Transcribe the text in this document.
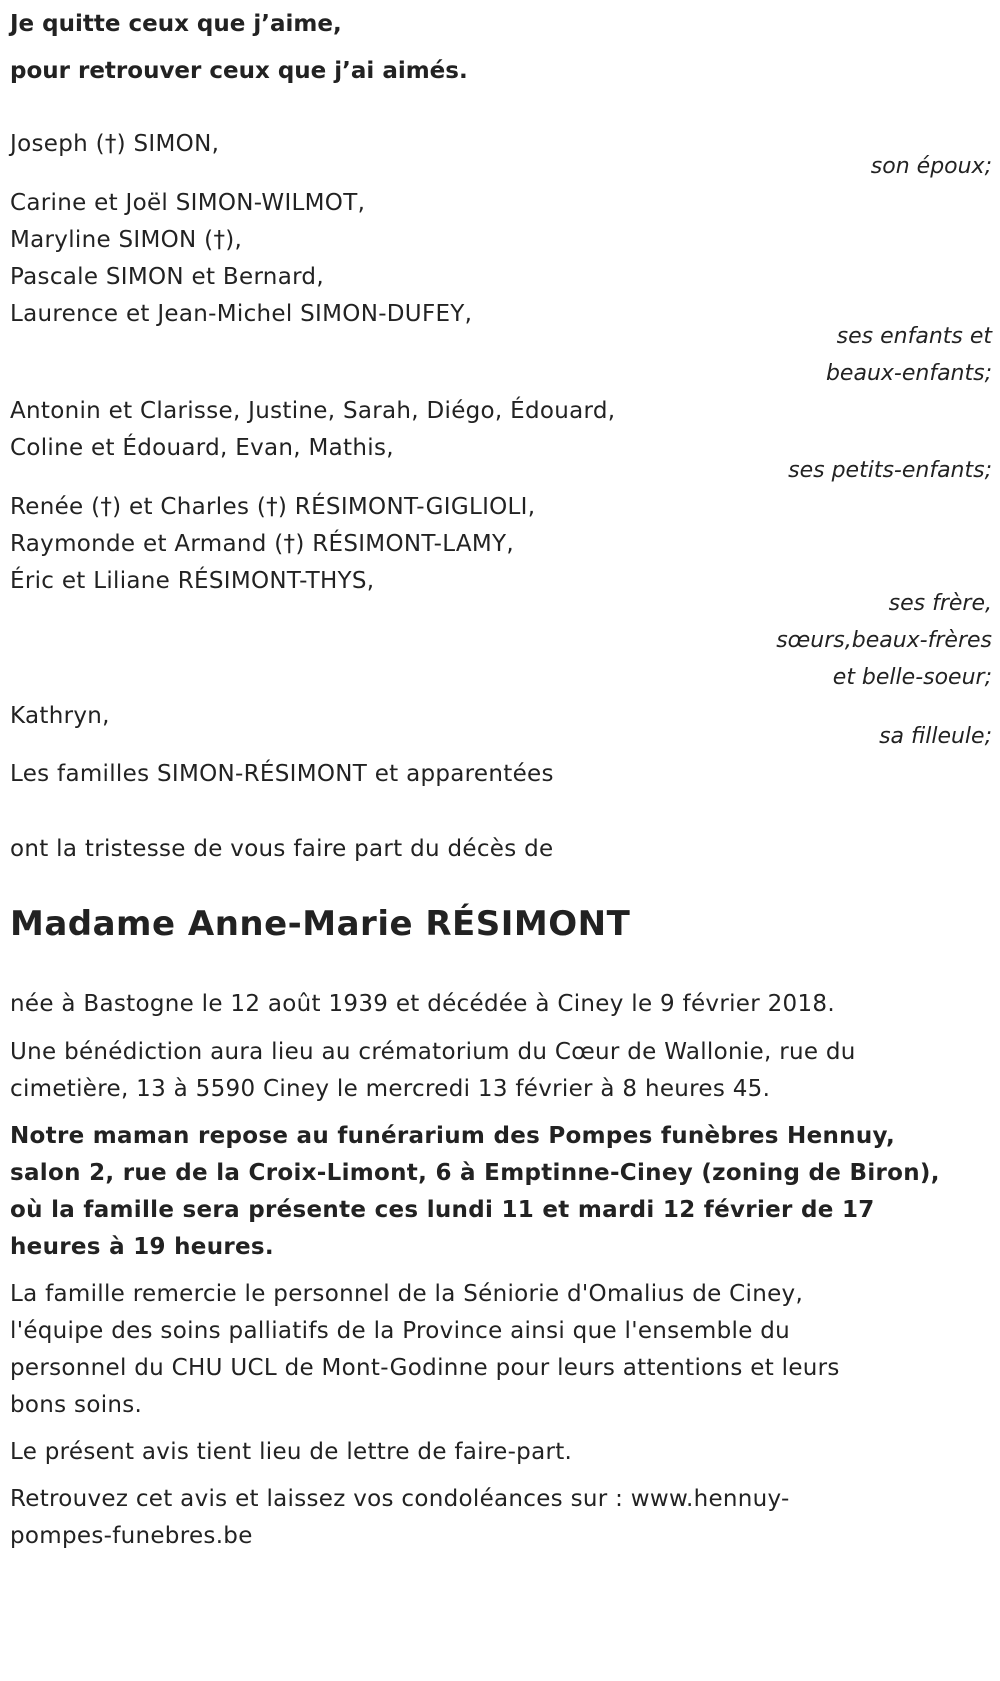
Je quitte ceux que j’aime,
pour retrouver ceux que j’ai aimés.
Joseph (†) SIMON,
son époux;
Carine et Joël SIMON-WILMOT,
Maryline SIMON (†),
Pascale SIMON et Bernard,
Laurence et Jean-Michel SIMON-DUFEY,
ses enfants et
beaux-enfants;
Antonin et Clarisse, Justine, Sarah, Diégo, Édouard,
Coline et Édouard, Evan, Mathis,
ses petits-enfants;
Renée (†) et Charles (†) RÉSIMONT-GIGLIOLI,
Raymonde et Armand (†) RÉSIMONT-LAMY,
Éric et Liliane RÉSIMONT-THYS,
ses frère,
sœurs,beaux-frères
et belle-soeur;
Kathryn,
sa filleule;
Les familles SIMON-RÉSIMONT et apparentées
ont la tristesse de vous faire part du décès de
Madame Anne-Marie RÉSIMONT
née à Bastogne le 12 août 1939 et décédée à Ciney le 9 février 2018.
Une bénédiction aura lieu au crématorium du Cœur de Wallonie, rue du
cimetière, 13 à 5590 Ciney le mercredi 13 février à 8 heures 45.
Notre maman repose au funérarium des Pompes funèbres Hennuy,
salon 2, rue de la Croix-Limont, 6 à Emptinne-Ciney (zoning de Biron),
où la famille sera présente ces lundi 11 et mardi 12 février de 17
heures à 19 heures.
La famille remercie le personnel de la Séniorie d'Omalius de Ciney,
l'équipe des soins palliatifs de la Province ainsi que l'ensemble du
personnel du CHU UCL de Mont-Godinne pour leurs attentions et leurs
bons soins.
Le présent avis tient lieu de lettre de faire-part.
Retrouvez cet avis et laissez vos condoléances sur : www.hennuy-
pompes-funebres.be
